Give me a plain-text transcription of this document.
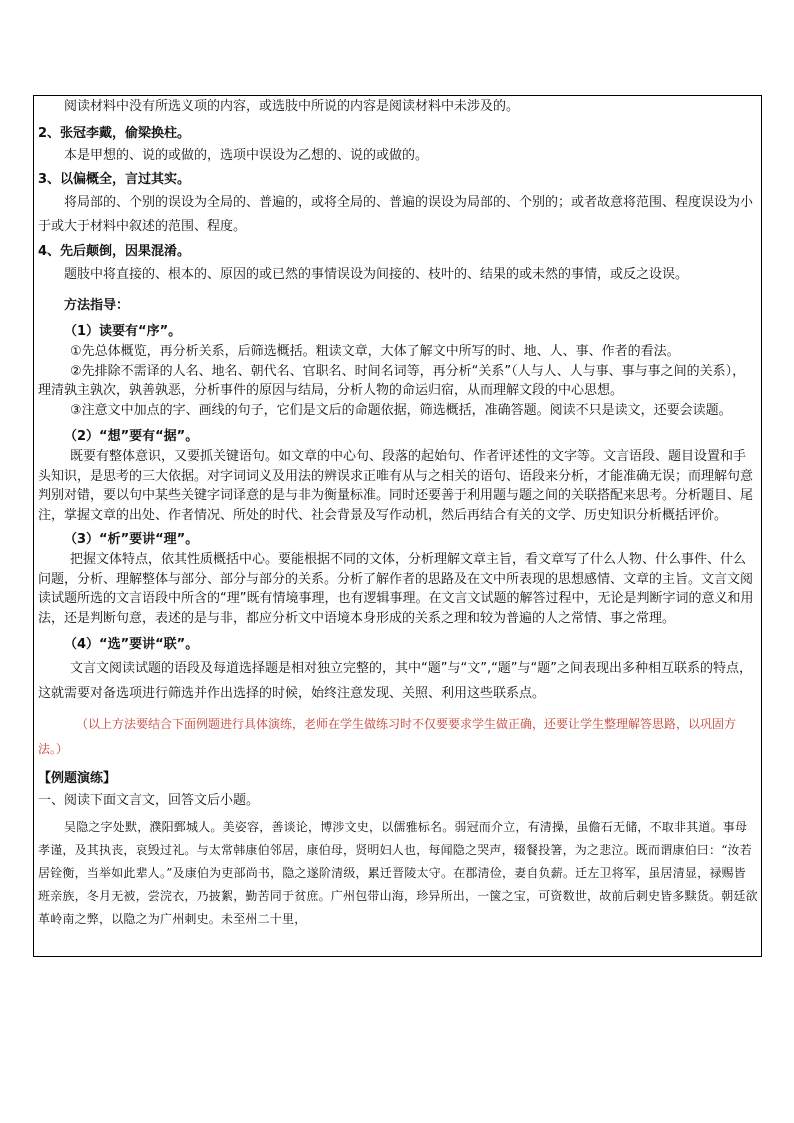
阅读材料中没有所选义项的内容，或选肢中所说的内容是阅读材料中未涉及的。

2、张冠李戴，偷梁换柱。

本是甲想的、说的或做的，选项中误设为乙想的、说的或做的。

3、以偏概全，言过其实。

将局部的、个别的误设为全局的、普遍的，或将全局的、普遍的误设为局部的、个别的；或者故意将范围、程度误设为小于或大于材料中叙述的范围、程度。

4、先后颠倒，因果混淆。

题肢中将直接的、根本的、原因的或已然的事情误设为间接的、枝叶的、结果的或未然的事情，或反之设误。

方法指导：

（1）读要有“序”。

①先总体概览，再分析关系，后筛选概括。粗读文章，大体了解文中所写的时、地、人、事、作者的看法。

②先排除不需译的人名、地名、朝代名、官职名、时间名词等，再分析“关系”（人与人、人与事、事与事之间的关系），理清孰主孰次，孰善孰恶，分析事件的原因与结局，分析人物的命运归宿，从而理解文段的中心思想。

③注意文中加点的字、画线的句子，它们是文后的命题依据，筛选概括，准确答题。阅读不只是读文，还要会读题。

（2）“想”要有“据”。

既要有整体意识，又要抓关键语句。如文章的中心句、段落的起始句、作者评述性的文字等。文言语段、题目设置和手头知识，是思考的三大依据。对字词词义及用法的辨误求正唯有从与之相关的语句、语段来分析，才能准确无误；而理解句意判别对错，要以句中某些关键字词译意的是与非为衡量标准。同时还要善于利用题与题之间的关联搭配来思考。分析题目、尾注，掌握文章的出处、作者情况、所处的时代、社会背景及写作动机，然后再结合有关的文学、历史知识分析概括评价。

（3）“析”要讲“理”。

把握文体特点，依其性质概括中心。要能根据不同的文体，分析理解文章主旨，看文章写了什么人物、什么事件、什么问题，分析、理解整体与部分、部分与部分的关系。分析了解作者的思路及在文中所表现的思想感情、文章的主旨。文言文阅读试题所选的文言语段中所含的“理”既有情境事理，也有逻辑事理。在文言文试题的解答过程中，无论是判断字词的意义和用法，还是判断句意，表述的是与非，都应分析文中语境本身形成的关系之理和较为普遍的人之常情、事之常理。

（4）“选”要讲“联”。

文言文阅读试题的语段及每道选择题是相对独立完整的，其中“题”与“文”,“题”与“题”之间表现出多种相互联系的特点，这就需要对备选项进行筛选并作出选择的时候，始终注意发现、关照、利用这些联系点。

（以上方法要结合下面例题进行具体演练，老师在学生做练习时不仅要要求学生做正确，还要让学生整理解答思路，以巩固方法。）

【例题演练】

一、阅读下面文言文，回答文后小题。

吴隐之字处默，濮阳鄄城人。美姿容，善谈论，博涉文史，以儒雅标名。弱冠而介立，有清操，虽儋石无储，不取非其道。事母孝谨，及其执丧，哀毁过礼。与太常韩康伯邻居，康伯母，贤明妇人也，每闻隐之哭声，辍餐投箸，为之悲泣。既而谓康伯曰：“汝若居铨衡，当举如此辈人。”及康伯为吏部尚书，隐之遂阶清级，累迁晋陵太守。在郡清俭，妻自负薪。迁左卫将军，虽居清显，禄赐皆班亲族，冬月无被，尝浣衣，乃披絮，勤苦同于贫庶。广州包带山海，珍异所出，一箧之宝，可资数世，故前后刺史皆多黩货。朝廷欲革岭南之弊，以隐之为广州刺史。未至州二十里，
